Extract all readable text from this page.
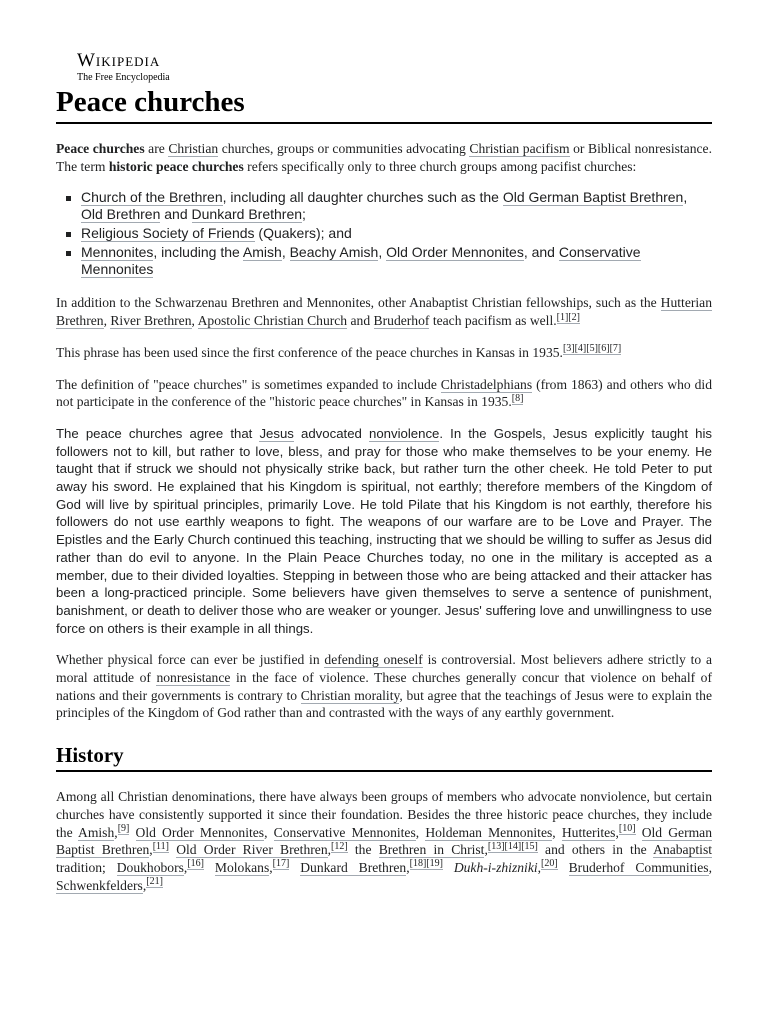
Wikipedia
The Free Encyclopedia
Peace churches

Peace churches are Christian churches, groups or communities advocating Christian pacifism or Biblical nonresistance. The term historic peace churches refers specifically only to three church groups among pacifist churches:

Church of the Brethren, including all daughter churches such as the Old German Baptist Brethren, Old Brethren and Dunkard Brethren;
Religious Society of Friends (Quakers); and
Mennonites, including the Amish, Beachy Amish, Old Order Mennonites, and Conservative Mennonites

In addition to the Schwarzenau Brethren and Mennonites, other Anabaptist Christian fellowships, such as the Hutterian Brethren, River Brethren, Apostolic Christian Church and Bruderhof teach pacifism as well.[1][2]

This phrase has been used since the first conference of the peace churches in Kansas in 1935.[3][4][5][6][7]

The definition of "peace churches" is sometimes expanded to include Christadelphians (from 1863) and others who did not participate in the conference of the "historic peace churches" in Kansas in 1935.[8]

The peace churches agree that Jesus advocated nonviolence. In the Gospels, Jesus explicitly taught his followers not to kill, but rather to love, bless, and pray for those who make themselves to be your enemy. He taught that if struck we should not physically strike back, but rather turn the other cheek. He told Peter to put away his sword. He explained that his Kingdom is spiritual, not earthly; therefore members of the Kingdom of God will live by spiritual principles, primarily Love. He told Pilate that his Kingdom is not earthly, therefore his followers do not use earthly weapons to fight. The weapons of our warfare are to be Love and Prayer. The Epistles and the Early Church continued this teaching, instructing that we should be willing to suffer as Jesus did rather than do evil to anyone. In the Plain Peace Churches today, no one in the military is accepted as a member, due to their divided loyalties. Stepping in between those who are being attacked and their attacker has been a long-practiced principle. Some believers have given themselves to serve a sentence of punishment, banishment, or death to deliver those who are weaker or younger. Jesus' suffering love and unwillingness to use force on others is their example in all things.

Whether physical force can ever be justified in defending oneself is controversial. Most believers adhere strictly to a moral attitude of nonresistance in the face of violence. These churches generally concur that violence on behalf of nations and their governments is contrary to Christian morality, but agree that the teachings of Jesus were to explain the principles of the Kingdom of God rather than and contrasted with the ways of any earthly government.

History

Among all Christian denominations, there have always been groups of members who advocate nonviolence, but certain churches have consistently supported it since their foundation. Besides the three historic peace churches, they include the Amish,[9] Old Order Mennonites, Conservative Mennonites, Holdeman Mennonites, Hutterites,[10] Old German Baptist Brethren,[11] Old Order River Brethren,[12] the Brethren in Christ,[13][14][15] and others in the Anabaptist tradition; Doukhobors,[16] Molokans,[17] Dunkard Brethren,[18][19] Dukh-i-zhizniki,[20] Bruderhof Communities, Schwenkfelders,[21]
